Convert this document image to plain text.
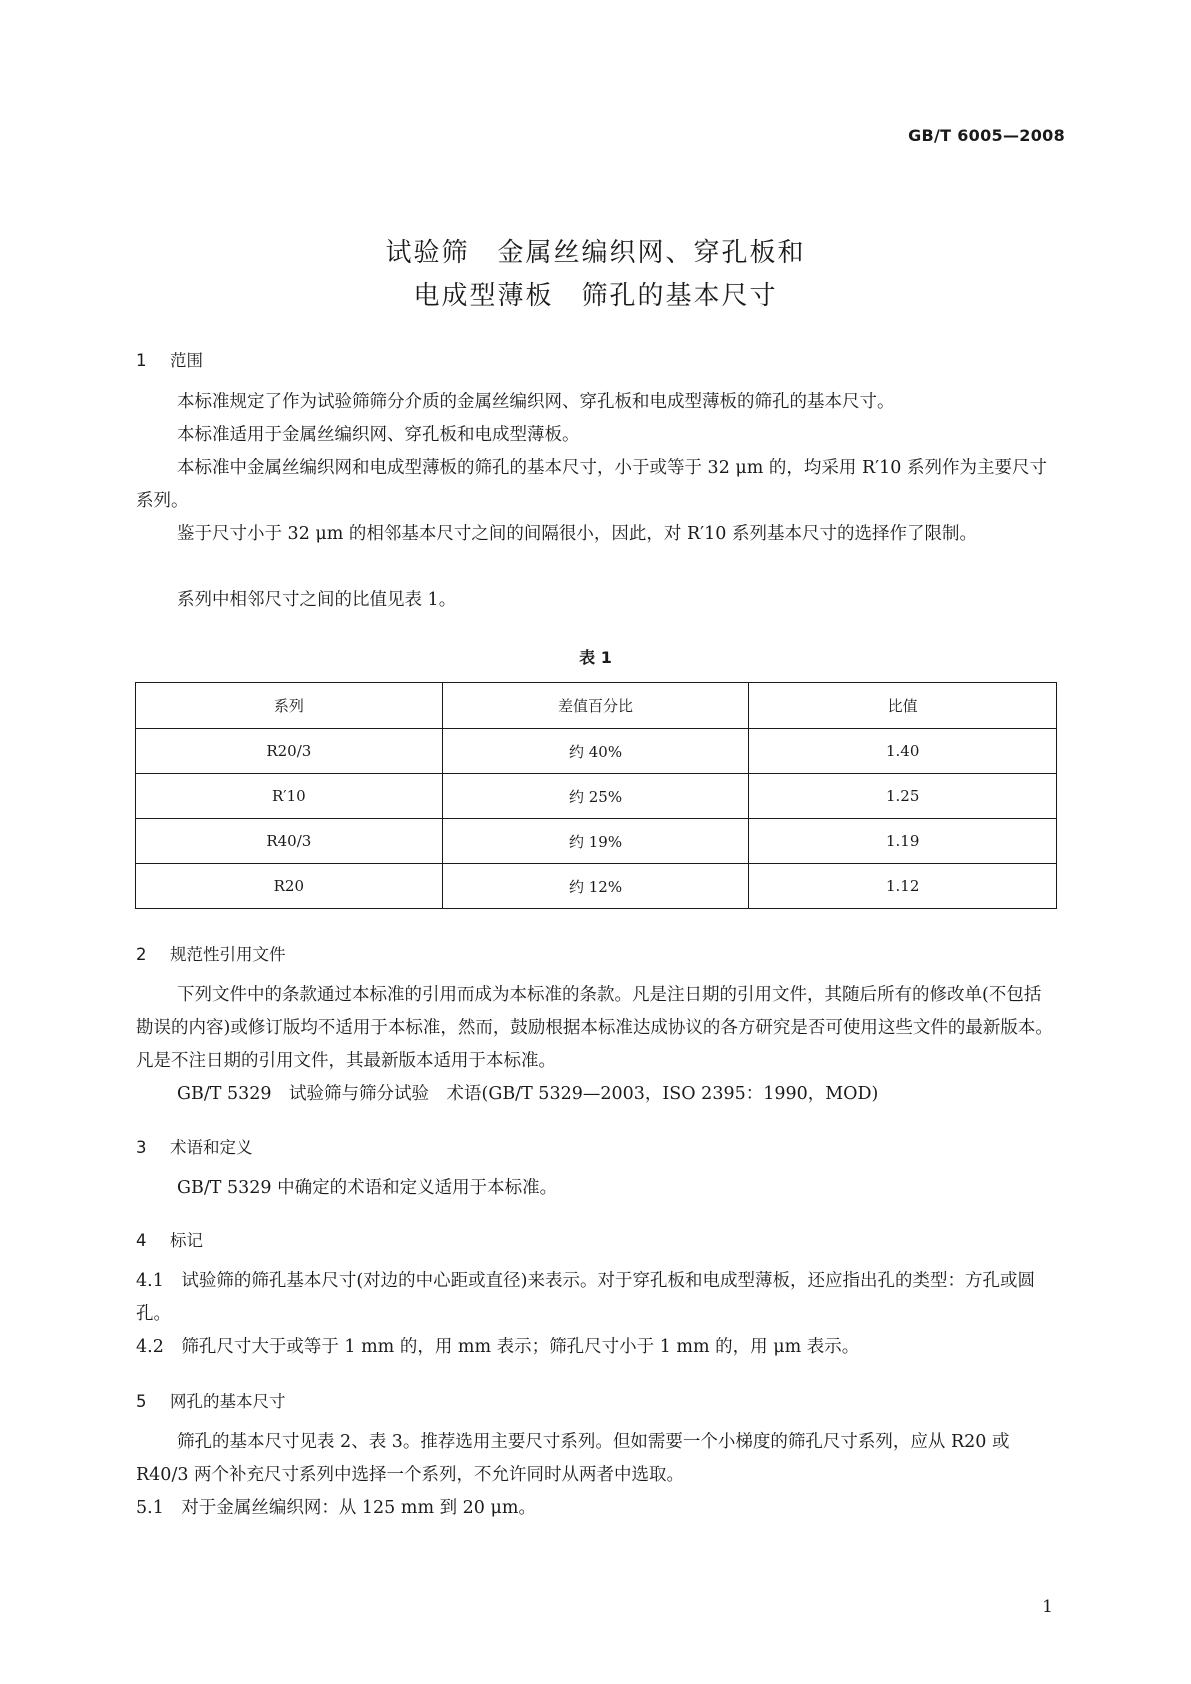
GB/T 6005—2008
试验筛　金属丝编织网、穿孔板和
电成型薄板　筛孔的基本尺寸
1 范围
本标准规定了作为试验筛筛分介质的金属丝编织网、穿孔板和电成型薄板的筛孔的基本尺寸。
本标准适用于金属丝编织网、穿孔板和电成型薄板。
本标准中金属丝编织网和电成型薄板的筛孔的基本尺寸，小于或等于 32 μm 的，均采用 R′10 系列作为主要尺寸系列。
鉴于尺寸小于 32 μm 的相邻基本尺寸之间的间隔很小，因此，对 R′10 系列基本尺寸的选择作了限制。
系列中相邻尺寸之间的比值见表 1。
表 1
系列	差值百分比	比值
R20/3	约 40%	1.40
R′10	约 25%	1.25
R40/3	约 19%	1.19
R20	约 12%	1.12
2 规范性引用文件
下列文件中的条款通过本标准的引用而成为本标准的条款。凡是注日期的引用文件，其随后所有的修改单(不包括勘误的内容)或修订版均不适用于本标准，然而，鼓励根据本标准达成协议的各方研究是否可使用这些文件的最新版本。凡是不注日期的引用文件，其最新版本适用于本标准。
GB/T 5329　试验筛与筛分试验　术语(GB/T 5329—2003，ISO 2395：1990，MOD)
3 术语和定义
GB/T 5329 中确定的术语和定义适用于本标准。
4 标记
4.1　试验筛的筛孔基本尺寸(对边的中心距或直径)来表示。对于穿孔板和电成型薄板，还应指出孔的类型：方孔或圆孔。
4.2　筛孔尺寸大于或等于 1 mm 的，用 mm 表示；筛孔尺寸小于 1 mm 的，用 μm 表示。
5 网孔的基本尺寸
筛孔的基本尺寸见表 2、表 3。推荐选用主要尺寸系列。但如需要一个小梯度的筛孔尺寸系列，应从 R20 或 R40/3 两个补充尺寸系列中选择一个系列，不允许同时从两者中选取。
5.1　对于金属丝编织网：从 125 mm 到 20 μm。
1
